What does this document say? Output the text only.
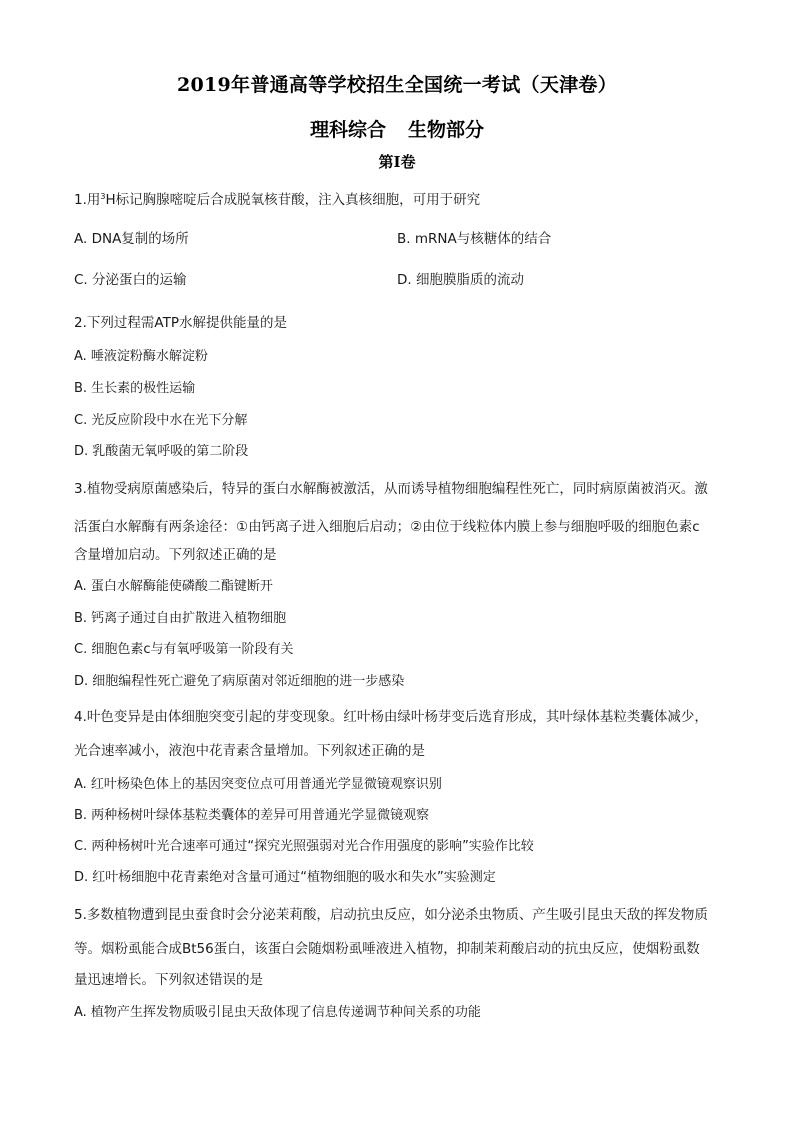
2019年普通高等学校招生全国统一考试（天津卷）
理科综合 生物部分
第Ⅰ卷
1.用$^3$H标记胸腺嘧啶后合成脱氧核苷酸，注入真核细胞，可用于研究
A. DNA复制的场所	B. mRNA与核糖体的结合
C. 分泌蛋白的运输	D. 细胞膜脂质的流动
2.下列过程需ATP水解提供能量的是
A. 唾液淀粉酶水解淀粉
B. 生长素的极性运输
C. 光反应阶段中水在光下分解
D. 乳酸菌无氧呼吸的第二阶段
3.植物受病原菌感染后，特异的蛋白水解酶被激活，从而诱导植物细胞编程性死亡，同时病原菌被消灭。激
活蛋白水解酶有两条途径：①由钙离子进入细胞后启动；②由位于线粒体内膜上参与细胞呼吸的细胞色素c
含量增加启动。下列叙述正确的是
A. 蛋白水解酶能使磷酸二酯键断开
B. 钙离子通过自由扩散进入植物细胞
C. 细胞色素c与有氧呼吸第一阶段有关
D. 细胞编程性死亡避免了病原菌对邻近细胞的进一步感染
4.叶色变异是由体细胞突变引起的芽变现象。红叶杨由绿叶杨芽变后选育形成，其叶绿体基粒类囊体减少，
光合速率减小，液泡中花青素含量增加。下列叙述正确的是
A. 红叶杨染色体上的基因突变位点可用普通光学显微镜观察识别
B. 两种杨树叶绿体基粒类囊体的差异可用普通光学显微镜观察
C. 两种杨树叶光合速率可通过“探究光照强弱对光合作用强度的影响”实验作比较
D. 红叶杨细胞中花青素绝对含量可通过“植物细胞的吸水和失水”实验测定
5.多数植物遭到昆虫蚕食时会分泌茉莉酸，启动抗虫反应，如分泌杀虫物质、产生吸引昆虫天敌的挥发物质
等。烟粉虱能合成Bt56蛋白，该蛋白会随烟粉虱唾液进入植物，抑制茉莉酸启动的抗虫反应，使烟粉虱数
量迅速增长。下列叙述错误的是
A. 植物产生挥发物质吸引昆虫天敌体现了信息传递调节种间关系的功能
